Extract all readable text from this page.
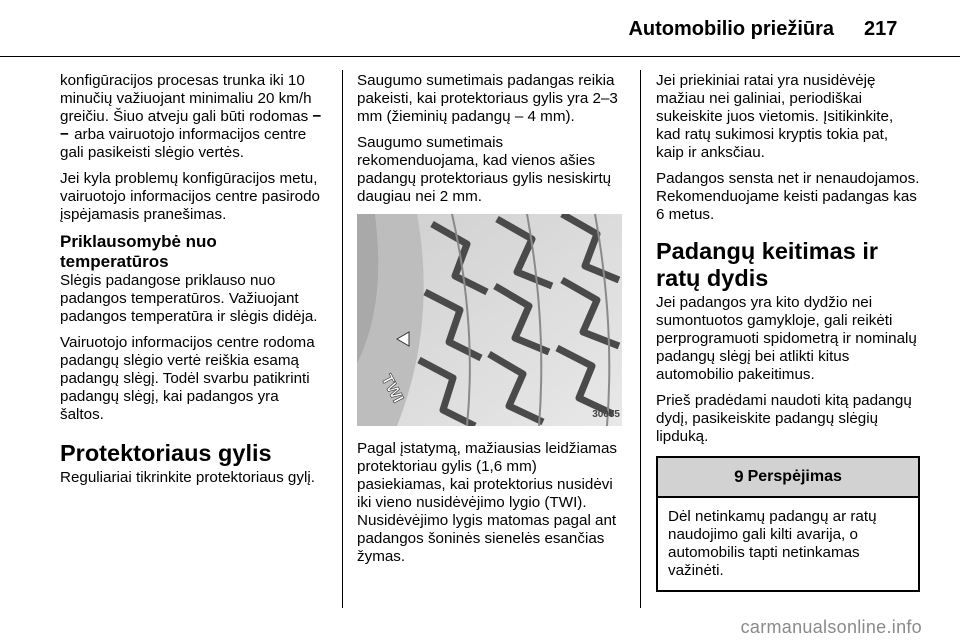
Automobilio priežiūra 217

konfigūracijos procesas trunka iki 10 minučių važiuojant minimaliu 20 km/h greičiu. Šiuo atveju gali būti rodomas − − arba vairuotojo informacijos centre gali pasikeisti slėgio vertės.

Jei kyla problemų konfigūracijos metu, vairuotojo informacijos centre pasirodo įspėjamasis pranešimas.

Priklausomybė nuo temperatūros

Slėgis padangose priklauso nuo padangos temperatūros. Važiuojant padangos temperatūra ir slėgis didėja.

Vairuotojo informacijos centre rodoma padangų slėgio vertė reiškia esamą padangų slėgį. Todėl svarbu patikrinti padangų slėgį, kai padangos yra šaltos.

Protektoriaus gylis

Reguliariai tikrinkite protektoriaus gylį.

Saugumo sumetimais padangas reikia pakeisti, kai protektoriaus gylis yra 2–3 mm (žieminių padangų – 4 mm).

Saugumo sumetimais rekomenduojama, kad vienos ašies padangų protektoriaus gylis nesiskirtų daugiau nei 2 mm.

TWI
30055

Pagal įstatymą, mažiausias leidžiamas protektoriau gylis (1,6 mm) pasiekiamas, kai protektorius nusidėvi iki vieno nusidėvėjimo lygio (TWI). Nusidėvėjimo lygis matomas pagal ant padangos šoninės sienelės esančias žymas.

Jei priekiniai ratai yra nusidėvėję mažiau nei galiniai, periodiškai sukeiskite juos vietomis. Įsitikinkite, kad ratų sukimosi kryptis tokia pat, kaip ir anksčiau.

Padangos sensta net ir nenaudojamos. Rekomenduojame keisti padangas kas 6 metus.

Padangų keitimas ir ratų dydis

Jei padangos yra kito dydžio nei sumontuotos gamykloje, gali reikėti perprogramuoti spidometrą ir nominalų padangų slėgį bei atlikti kitus automobilio pakeitimus.

Prieš pradėdami naudoti kitą padangų dydį, pasikeiskite padangų slėgių lipduką.

9 Perspėjimas
Dėl netinkamų padangų ar ratų naudojimo gali kilti avarija, o automobilis tapti netinkamas važinėti.
carmanualsonline.info
